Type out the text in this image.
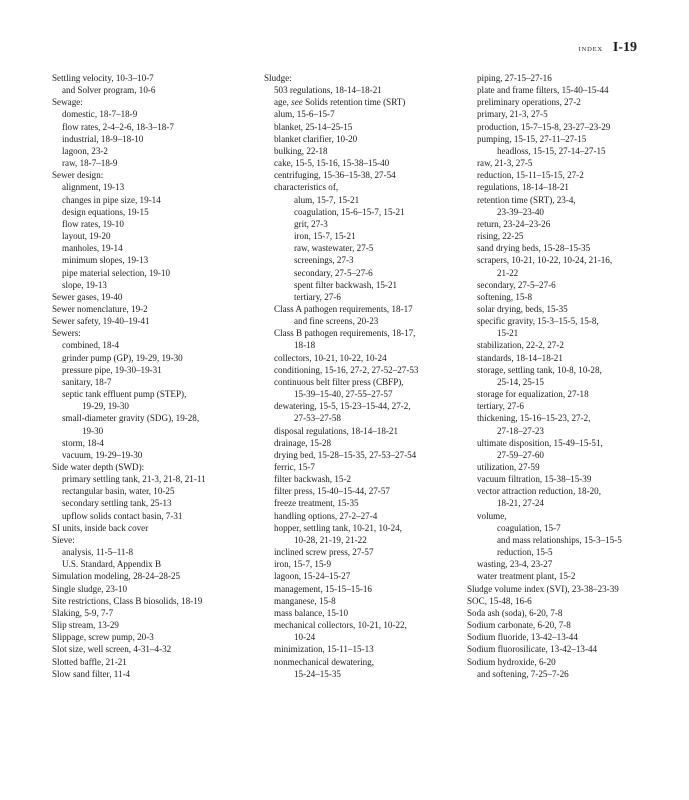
INDEX I-19
Settling velocity, 10-3–10-7
and Solver program, 10-6
Sewage:
domestic, 18-7–18-9
flow rates, 2-4–2-6, 18-3–18-7
industrial, 18-9–18-10
lagoon, 23-2
raw, 18-7–18-9
Sewer design:
alignment, 19-13
changes in pipe size, 19-14
design equations, 19-15
flow rates, 19-10
layout, 19-20
manholes, 19-14
minimum slopes, 19-13
pipe material selection, 19-10
slope, 19-13
Sewer gases, 19-40
Sewer nomenclature, 19-2
Sewer safety, 19-40–19-41
Sewers:
combined, 18-4
grinder pump (GP), 19-29, 19-30
pressure pipe, 19-30–19-31
sanitary, 18-7
septic tank effluent pump (STEP),
19-29, 19-30
small-diameter gravity (SDG), 19-28,
19-30
storm, 18-4
vacuum, 19-29–19-30
Side water depth (SWD):
primary settling tank, 21-3, 21-8, 21-11
rectangular basin, water, 10-25
secondary settling tank, 25-13
upflow solids contact basin, 7-31
SI units, inside back cover
Sieve:
analysis, 11-5–11-8
U.S. Standard, Appendix B
Simulation modeling, 28-24–28-25
Single sludge, 23-10
Site restrictions, Class B biosolids, 18-19
Slaking, 5-9, 7-7
Slip stream, 13-29
Slippage, screw pump, 20-3
Slot size, well screen, 4-31–4-32
Slotted baffle, 21-21
Slow sand filter, 11-4
Sludge:
503 regulations, 18-14–18-21
age, see Solids retention time (SRT)
alum, 15-6–15-7
blanket, 25-14–25-15
blanket clarifier, 10-20
bulking, 22-18
cake, 15-5, 15-16, 15-38–15-40
centrifuging, 15-36–15-38, 27-54
characteristics of,
alum, 15-7, 15-21
coagulation, 15-6–15-7, 15-21
grit, 27-3
iron, 15-7, 15-21
raw, wastewater, 27-5
screenings, 27-3
secondary, 27-5–27-6
spent filter backwash, 15-21
tertiary, 27-6
Class A pathogen requirements, 18-17
and fine screens, 20-23
Class B pathogen requirements, 18-17,
18-18
collectors, 10-21, 10-22, 10-24
conditioning, 15-16, 27-2, 27-52–27-53
continuous belt filter press (CBFP),
15-39–15-40, 27-55–27-57
dewatering, 15-5, 15-23–15-44, 27-2,
27-53–27-58
disposal regulations, 18-14–18-21
drainage, 15-28
drying bed, 15-28–15-35, 27-53–27-54
ferric, 15-7
filter backwash, 15-2
filter press, 15-40–15-44, 27-57
freeze treatment, 15-35
handling options, 27-2–27-4
hopper, settling tank, 10-21, 10-24,
10-28, 21-19, 21-22
inclined screw press, 27-57
iron, 15-7, 15-9
lagoon, 15-24–15-27
management, 15-15–15-16
manganese, 15-8
mass balance, 15-10
mechanical collectors, 10-21, 10-22,
10-24
minimization, 15-11–15-13
nonmechanical dewatering,
15-24–15-35
piping, 27-15–27-16
plate and frame filters, 15-40–15-44
preliminary operations, 27-2
primary, 21-3, 27-5
production, 15-7–15-8, 23-27–23-29
pumping, 15-15, 27-11–27-15
headloss, 15-15, 27-14–27-15
raw, 21-3, 27-5
reduction, 15-11–15-15, 27-2
regulations, 18-14–18-21
retention time (SRT), 23-4,
23-39–23-40
return, 23-24–23-26
rising, 22-25
sand drying beds, 15-28–15-35
scrapers, 10-21, 10-22, 10-24, 21-16,
21-22
secondary, 27-5–27-6
softening, 15-8
solar drying, beds, 15-35
specific gravity, 15-3–15-5, 15-8,
15-21
stabilization, 22-2, 27-2
standards, 18-14–18-21
storage, settling tank, 10-8, 10-28,
25-14, 25-15
storage for equalization, 27-18
tertiary, 27-6
thickening, 15-16–15-23, 27-2,
27-18–27-23
ultimate disposition, 15-49–15-51,
27-59–27-60
utilization, 27-59
vacuum filtration, 15-38–15-39
vector attraction reduction, 18-20,
18-21, 27-24
volume,
coagulation, 15-7
and mass relationships, 15-3–15-5
reduction, 15-5
wasting, 23-4, 23-27
water treatment plant, 15-2
Sludge volume index (SVI), 23-38–23-39
SOC, 15-48, 16-6
Soda ash (soda), 6-20, 7-8
Sodium carbonate, 6-20, 7-8
Sodium fluoride, 13-42–13-44
Sodium fluorosilicate, 13-42–13-44
Sodium hydroxide, 6-20
and softening, 7-25–7-26
